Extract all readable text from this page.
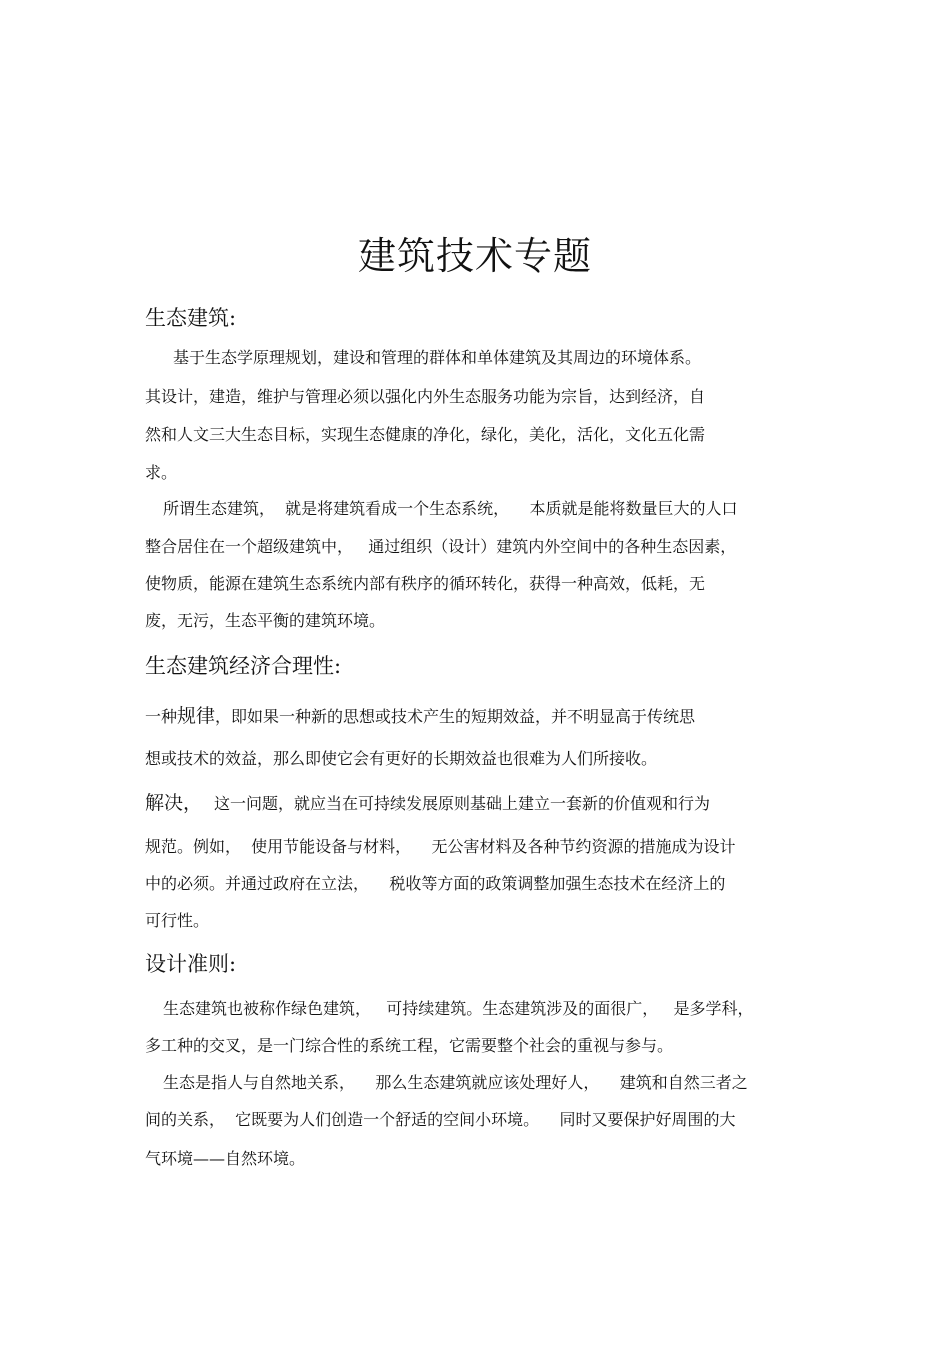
建筑技术专题
生态建筑:

基于生态学原理规划，建设和管理的群体和单体建筑及其周边的环境体系。

其设计，建造，维护与管理必须以强化内外生态服务功能为宗旨，达到经济，自

然和人文三大生态目标，实现生态健康的净化，绿化，美化，活化，文化五化需

求。

所谓生态建筑，  就是将建筑看成一个生态系统，    本质就是能将数量巨大的人口

整合居住在一个超级建筑中，   通过组织（设计）建筑内外空间中的各种生态因素，

使物质，能源在建筑生态系统内部有秩序的循环转化，获得一种高效，低耗，无

废，无污，生态平衡的建筑环境。

生态建筑经济合理性:

一种规律，即如果一种新的思想或技术产生的短期效益，并不明显高于传统思

想或技术的效益，那么即使它会有更好的长期效益也很难为人们所接收。

解决， 这一问题，就应当在可持续发展原则基础上建立一套新的价值观和行为

规范。例如，  使用节能设备与材料，    无公害材料及各种节约资源的措施成为设计

中的必须。并通过政府在立法，    税收等方面的政策调整加强生态技术在经济上的

可行性。

设计准则:

生态建筑也被称作绿色建筑，   可持续建筑。生态建筑涉及的面很广，   是多学科，

多工种的交叉，是一门综合性的系统工程，它需要整个社会的重视与参与。

生态是指人与自然地关系，    那么生态建筑就应该处理好人，    建筑和自然三者之

间的关系，  它既要为人们创造一个舒适的空间小环境。    同时又要保护好周围的大

气环境——自然环境。
